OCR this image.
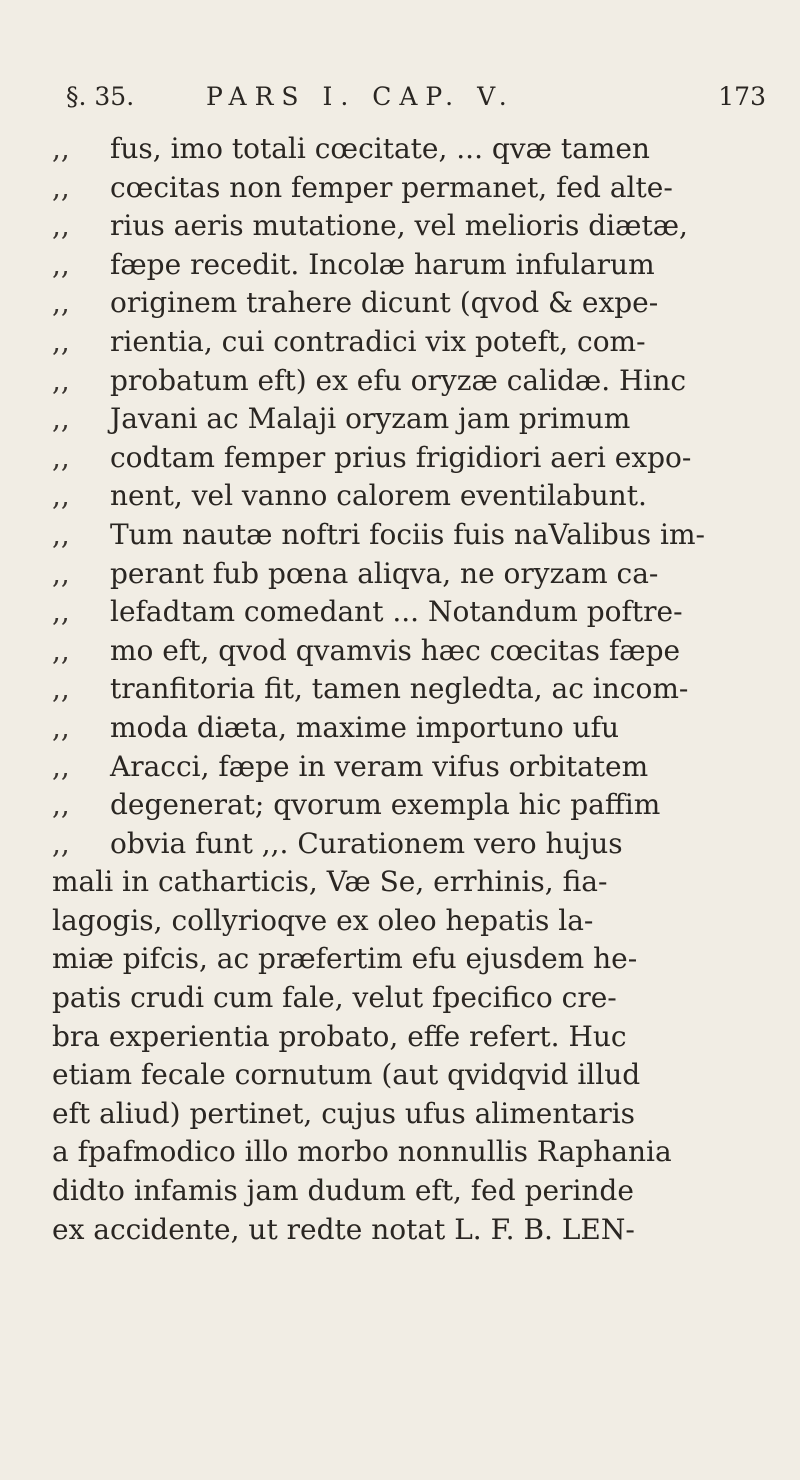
§. 35.	PARS I. CAP. V.	173
,, fus, imo totali cœcitate, ... qvæ tamen
,, cœcitas non femper permanet, fed alte-
,, rius aeris mutatione, vel melioris diætæ,
,, fæpe recedit. Incolæ harum infularum
,, originem trahere dicunt (qvod & expe-
,, rientia, cui contradici vix poteft, com-
,, probatum eft) ex efu oryzæ calidæ. Hinc
,, Javani ac Malaji oryzam jam primum
,, codtam femper prius frigidiori aeri expo-
,, nent, vel vanno calorem eventilabunt.
,, Tum nautæ noftri fociis fuis naValibus im-
,, perant fub pœna aliqva, ne oryzam ca-
,, lefadtam comedant ... Notandum poftre-
,, mo eft, qvod qvamvis hæc cœcitas fæpe
,, tranfitoria fit, tamen negledta, ac incom-
,, moda diæta, maxime importuno ufu
,, Aracci, fæpe in veram vifus orbitatem
,, degenerat; qvorum exempla hic paffim
,, obvia funt ,,. Curationem vero hujus
mali in catharticis, Væ Se, errhinis, fia-
lagogis, collyrioqve ex oleo hepatis la-
miæ pifcis, ac præfertim efu ejusdem he-
patis crudi cum fale, velut fpecifico cre-
bra experientia probato, effe refert. Huc
etiam fecale cornutum (aut qvidqvid illud
eft aliud) pertinet, cujus ufus alimentaris
a fpafmodico illo morbo nonnullis Raphania
didto infamis jam dudum eft, fed perinde
ex accidente, ut redte notat L. F. B. LEN-
